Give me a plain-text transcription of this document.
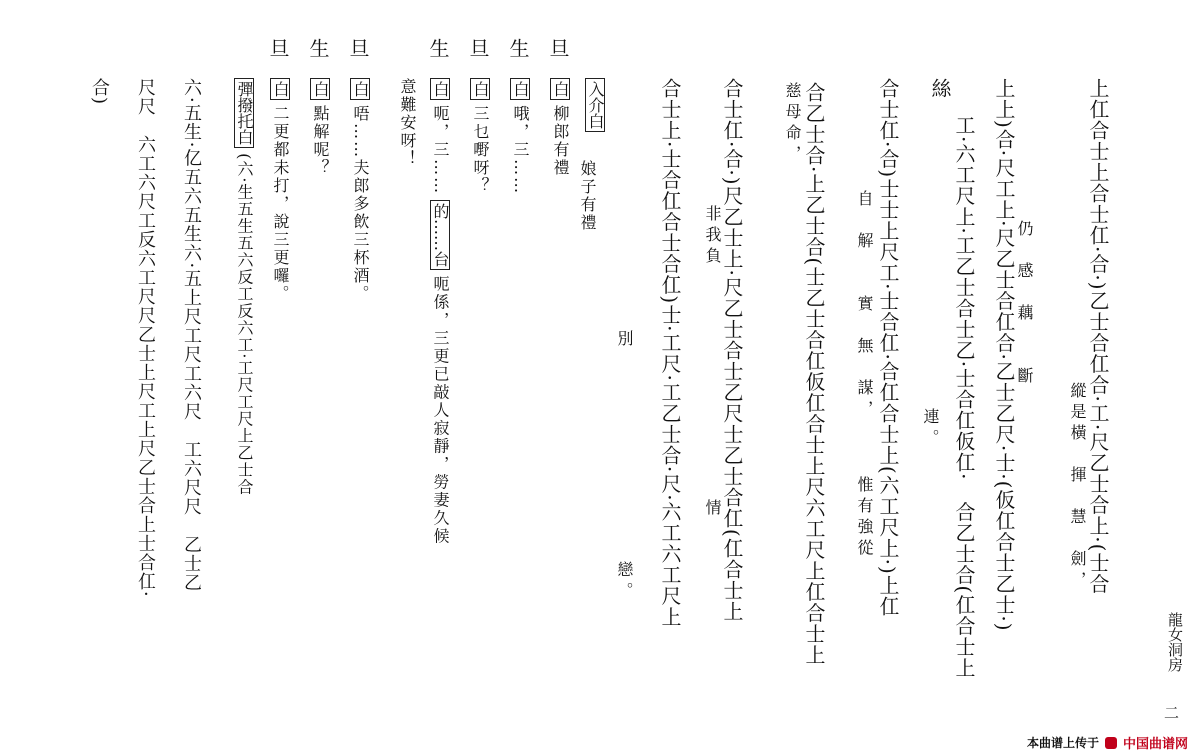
龍女洞房
二
上仜合士上合士仜·合·)乙士合仜合·工·尺乙士合上·(士合
縱是橫　揮　慧　劍，
上上)合·尺工上·尺乙士合仜合·乙士乙尺·士·(仮仜合士乙士·) 仍　感　藕　　斷
絲
工·六工尺上·工乙士合士乙·士合仜仮仜·　合乙士合(仜合士上
連。
合士仜·合)士士上尺工·士合仜·合仜合士上(六工尺上·)上仜
自　解　　實　無　謀，　　　惟有強從
慈母命， 合乙士合·上乙士合(士乙士合仜仮仜合士上尺六工尺上仜合士上
合士仜·合·)尺乙士上·尺乙士合士乙尺士乙士合仜(仜合士上
非我負　　　　　　　　　　　情
合士上·士合仜合士合仜)士·工尺·工乙士合·尺·六工六工尺上
別　　　　　　　　　　戀。
入介白
娘子有禮
旦
白 柳郎有禮
生
白 哦，三……
旦
白 三乜嘢呀？
生
白 呃，三…… 的……台 呃係，三更已敲人寂靜，勞妻久候
意難安呀！
旦
白 唔……夫郎多飲三杯酒。
生
白 點解呢？
旦
白 二更都未打，說三更囉。
彈撥托白 (六·生五生五六反工反六工·工尺工尺上乙士合
六·五生·亿五六五生六·五上尺工尺工六尺　工六尺尺　乙士乙
尺尺　六工六尺工反六工尺尺乙士上尺工上尺乙士合上士合仜·
合)
本曲谱上传于 中国曲谱网
